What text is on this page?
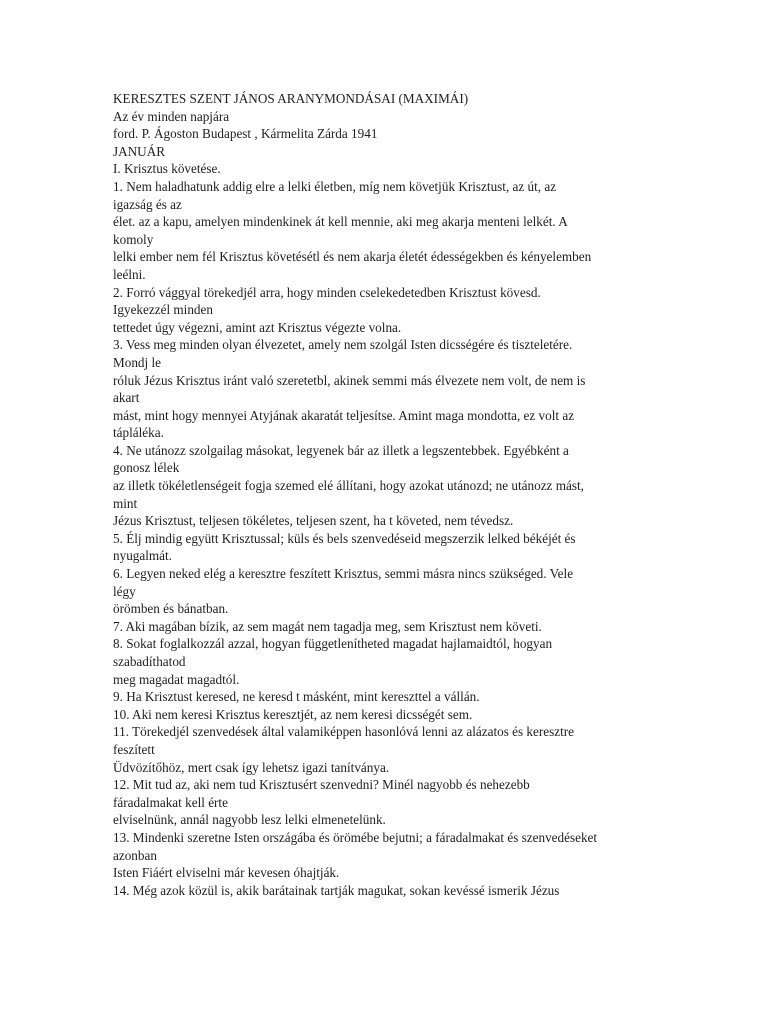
KERESZTES SZENT JÁNOS ARANYMONDÁSAI (MAXIMÁI)
Az év minden napjára
ford. P. Ágoston Budapest , Kármelita Zárda 1941
JANUÁR
I. Krisztus követése.
1. Nem haladhatunk addig elre a lelki életben, míg nem követjük Krisztust, az út, az
igazság és az
élet. az a kapu, amelyen mindenkinek át kell mennie, aki meg akarja menteni lelkét. A
komoly
lelki ember nem fél Krisztus követésétl és nem akarja életét édességekben és kényelemben
leélni.
2. Forró vággyal törekedjél arra, hogy minden cselekedetedben Krisztust kövesd.
Igyekezzél minden
tettedet úgy végezni, amint azt Krisztus végezte volna.
3. Vess meg minden olyan élvezetet, amely nem szolgál Isten dicsségére és tiszteletére.
Mondj le
róluk Jézus Krisztus iránt való szeretetbl, akinek semmi más élvezete nem volt, de nem is
akart
mást, mint hogy mennyei Atyjának akaratát teljesítse. Amint maga mondotta, ez volt az
tápláléka.
4. Ne utánozz szolgailag másokat, legyenek bár az illetk a legszentebbek. Egyébként a
gonosz lélek
az illetk tökéletlenségeit fogja szemed elé állítani, hogy azokat utánozd; ne utánozz mást,
mint
Jézus Krisztust, teljesen tökéletes, teljesen szent, ha t követed, nem tévedsz.
5. Élj mindig együtt Krisztussal; küls és bels szenvedéseid megszerzik lelked békéjét és
nyugalmát.
6. Legyen neked elég a keresztre feszített Krisztus, semmi másra nincs szükséged. Vele
légy
örömben és bánatban.
7. Aki magában bízik, az sem magát nem tagadja meg, sem Krisztust nem követi.
8. Sokat foglalkozzál azzal, hogyan függetlenítheted magadat hajlamaidtól, hogyan
szabadíthatod
meg magadat magadtól.
9. Ha Krisztust keresed, ne keresd t másként, mint kereszttel a vállán.
10. Aki nem keresi Krisztus keresztjét, az nem keresi dicsségét sem.
11. Törekedjél szenvedések által valamiképpen hasonlóvá lenni az alázatos és keresztre
feszített
Üdvözítőhöz, mert csak így lehetsz igazi tanítványa.
12. Mit tud az, aki nem tud Krisztusért szenvedni? Minél nagyobb és nehezebb
fáradalmakat kell érte
elviselnünk, annál nagyobb lesz lelki elmenetelünk.
13. Mindenki szeretne Isten országába és örömébe bejutni; a fáradalmakat és szenvedéseket
azonban
Isten Fiáért elviselni már kevesen óhajtják.
14. Még azok közül is, akik barátainak tartják magukat, sokan kevéssé ismerik Jézus
